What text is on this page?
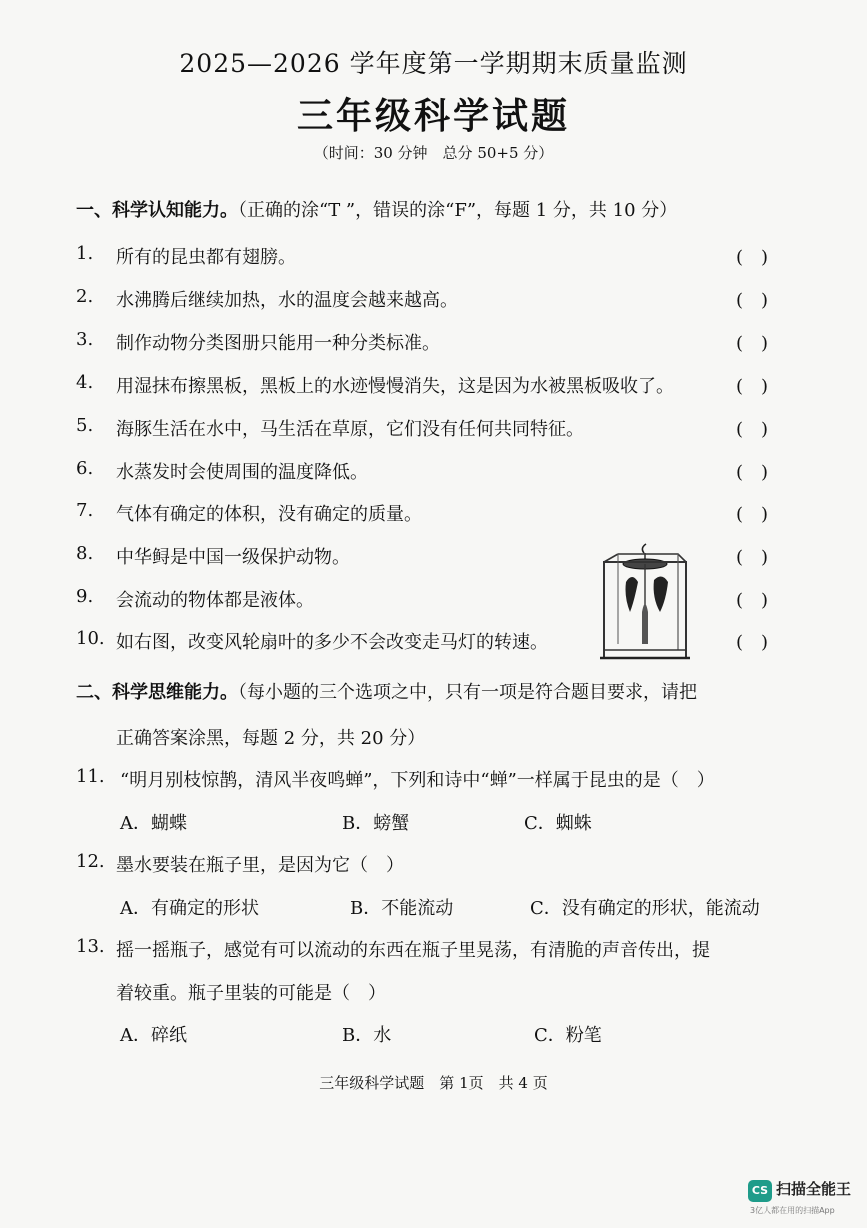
2025—2026 学年度第一学期期末质量监测
三年级科学试题
（时间：30 分钟　总分 50+5 分）
一、科学认知能力。（正确的涂“T ”，错误的涂“F”，每题 1 分，共 10 分）
1. 所有的昆虫都有翅膀。	(　)
2. 水沸腾后继续加热，水的温度会越来越高。	(　)
3. 制作动物分类图册只能用一种分类标准。	(　)
4. 用湿抹布擦黑板，黑板上的水迹慢慢消失，这是因为水被黑板吸收了。	(　)
5. 海豚生活在水中，马生活在草原，它们没有任何共同特征。	(　)
6. 水蒸发时会使周围的温度降低。	(　)
7. 气体有确定的体积，没有确定的质量。	(　)
8. 中华鲟是中国一级保护动物。	(　)
9. 会流动的物体都是液体。	(　)
10. 如右图，改变风轮扇叶的多少不会改变走马灯的转速。	(　)
二、科学思维能力。（每小题的三个选项之中，只有一项是符合题目要求，请把
正确答案涂黑，每题 2 分，共 20 分）
11. “明月别枝惊鹊，清风半夜鸣蝉”，下列和诗中“蝉”一样属于昆虫的是（　）
A．蝴蝶	B．螃蟹	C．蜘蛛
12. 墨水要装在瓶子里，是因为它（　）
A．有确定的形状	B．不能流动	C．没有确定的形状，能流动
13. 摇一摇瓶子，感觉有可以流动的东西在瓶子里晃荡，有清脆的声音传出，提
着较重。瓶子里装的可能是（　）
A．碎纸	B．水	C．粉笔
三年级科学试题　第 1页　共 4 页
CS 扫描全能王
3亿人都在用的扫描App
